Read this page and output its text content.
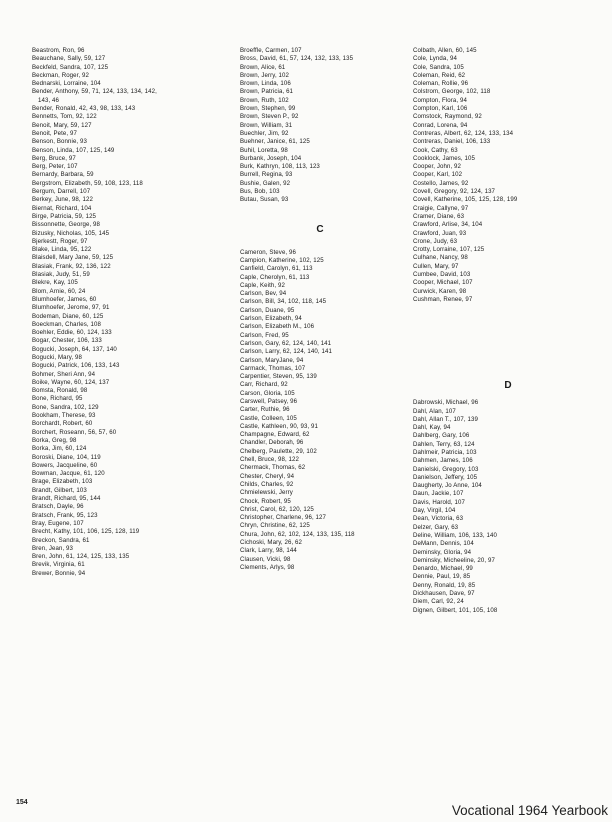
Beastrom, Ron, 96
Beauchane, Sally, 59, 127
Beckfeld, Sandra, 107, 125
Beckman, Roger, 92
Bednarski, Lorraine, 104
Bender, Anthony, 59, 71, 124, 133, 134, 142,
143, 46
Bender, Ronald, 42, 43, 98, 133, 143
Bennetts, Tom, 92, 122
Benoit, Mary, 59, 127
Benoit, Pete, 97
Benson, Bonnie, 93
Benson, Linda, 107, 125, 149
Berg, Bruce, 97
Berg, Peter, 107
Bernardy, Barbara, 59
Bergstrom, Elizabeth, 59, 108, 123, 118
Bergum, Darrell, 107
Berkey, June, 98, 122
Biernat, Richard, 104
Birge, Patricia, 59, 125
Bissonnette, George, 98
Bizusky, Nicholas, 105, 145
Bjerkestt, Roger, 97
Blake, Linda, 95, 122
Blaisdell, Mary Jane, 59, 125
Blasiak, Frank, 92, 136, 122
Blasiak, Judy, 51, 59
Blekre, Kay, 105
Blom, Arnie, 60, 24
Blumhoefer, James, 60
Blumhoefer, Jerome, 97, 91
Bodeman, Diane, 60, 125
Boeckman, Charles, 108
Boehler, Eddie, 60, 124, 133
Bogar, Chester, 106, 133
Bogucki, Joseph, 64, 137, 140
Bogucki, Mary, 98
Bogucki, Patrick, 106, 133, 143
Bohmer, Sheri Ann, 94
Boike, Wayne, 60, 124, 137
Bomsta, Ronald, 98
Bone, Richard, 95
Bone, Sandra, 102, 129
Bookham, Therese, 93
Borchardt, Robert, 60
Borchert, Roseann, 56, 57, 60
Borka, Greg, 98
Borka, Jim, 60, 124
Boroski, Diane, 104, 119
Bowers, Jacqueline, 60
Bowman, Jacque, 61, 120
Brage, Elizabeth, 103
Brandt, Gilbert, 103
Brandt, Richard, 95, 144
Bratsch, Dayle, 96
Bratsch, Frank, 95, 123
Bray, Eugene, 107
Brecht, Kathy, 101, 106, 125, 128, 119
Breckon, Sandra, 61
Bren, Jean, 93
Bren, John, 61, 124, 125, 133, 135
Brevik, Virginia, 61
Brewer, Bonnie, 94
Broeffle, Carmen, 107
Bross, David, 61, 57, 124, 132, 133, 135
Brown, Alice, 61
Brown, Jerry, 102
Brown, Linda, 106
Brown, Patricia, 61
Brown, Ruth, 102
Brown, Stephen, 99
Brown, Steven P., 92
Brown, William, 31
Buechler, Jim, 92
Buehner, Janice, 61, 125
Buhil, Loretta, 98
Burbank, Joseph, 104
Burk, Kathryn, 108, 113, 123
Burrell, Regina, 93
Bushie, Galen, 92
Bus, Bob, 103
Butau, Susan, 93
C
Cameron, Steve, 96
Campion, Katherine, 102, 125
Canfield, Carolyn, 61, 113
Caple, Cherolyn, 61, 113
Caple, Keith, 92
Carlson, Bev, 94
Carlson, Bill, 34, 102, 118, 145
Carlson, Duane, 95
Carlson, Elizabeth, 94
Carlson, Elizabeth M., 106
Carlson, Fred, 95
Carlson, Gary, 62, 124, 140, 141
Carlson, Larry, 62, 124, 140, 141
Carlson, MaryJane, 94
Carmack, Thomas, 107
Carpentier, Steven, 95, 139
Carr, Richard, 92
Carson, Gloria, 105
Carswell, Patsey, 96
Carter, Ruthie, 96
Castle, Colleen, 105
Castle, Kathleen, 90, 93, 91
Champagne, Edward, 62
Chandler, Deborah, 96
Chelberg, Paulette, 29, 102
Chell, Bruce, 98, 122
Chermack, Thomas, 62
Chester, Cheryl, 94
Childs, Charles, 92
Chmielewski, Jerry
Chock, Robert, 95
Christ, Carol, 62, 120, 125
Christopher, Charlene, 96, 127
Chryn, Christine, 62, 125
Chura, John, 62, 102, 124, 133, 135, 118
Cichoski, Mary, 26, 62
Clark, Larry, 98, 144
Clausen, Vicki, 98
Clements, Arlys, 98
Colbath, Allen, 60, 145
Cole, Lynda, 94
Cole, Sandra, 105
Coleman, Reid, 62
Coleman, Rollie, 96
Colstrom, George, 102, 118
Compton, Flora, 94
Compton, Karl, 106
Comstock, Raymond, 92
Conrad, Lorena, 94
Contreras, Albert, 62, 124, 133, 134
Contreras, Daniel, 106, 133
Cook, Cathy, 63
Cooklock, James, 105
Cooper, John, 92
Cooper, Karl, 102
Costello, James, 92
Covell, Gregory, 92, 124, 137
Covell, Katherine, 105, 125, 128, 199
Craigie, Callyne, 97
Cramer, Diane, 63
Crawford, Arlise, 34, 104
Crawford, Juan, 93
Crone, Judy, 63
Crotty, Lorraine, 107, 125
Culhane, Nancy, 98
Cullen, Mary, 97
Cumbee, David, 103
Cooper, Michael, 107
Curwick, Karen, 98
Cushman, Renee, 97
D
Dabrowski, Michael, 96
Dahl, Alan, 107
Dahl, Allan T., 107, 139
Dahl, Kay, 94
Dahlberg, Gary, 106
Dahlen, Terry, 63, 124
Dahlmeir, Patricia, 103
Dahmen, James, 106
Danielski, Gregory, 103
Danielson, Jeffery, 105
Daugherty, Jo Anne, 104
Daun, Jackie, 107
Davis, Harold, 107
Day, Virgil, 104
Dean, Victoria, 63
Delzer, Gary, 63
Deline, William, 106, 133, 140
DeMann, Dennis, 104
Deminsky, Gloria, 94
Deminsky, Micheeline, 20, 97
Denardo, Michael, 99
Dennie, Paul, 19, 85
Denny, Ronald, 19, 85
Dickhausen, Dave, 97
Diem, Carl, 92, 24
Dignen, Gilbert, 101, 105, 108
154
Vocational 1964 Yearbook
